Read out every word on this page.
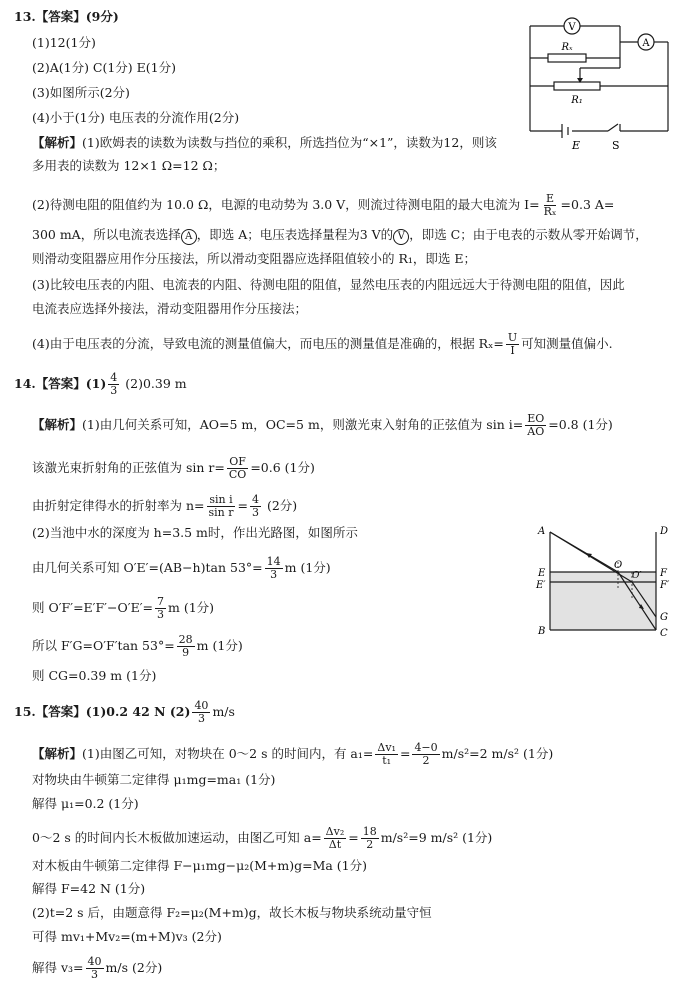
13.【答案】(9分)
(1)12(1分)
(2)A(1分) C(1分) E(1分)
(3)如图所示(2分)
(4)小于(1分) 电压表的分流作用(2分)
【解析】(1)欧姆表的读数为读数与挡位的乘积，所选挡位为“×1”，读数为12，则该
多用表的读数为 12×1 Ω=12 Ω；
(2)待测电阻的阻值约为 10.0 Ω，电源的电动势为 3.0 V，则流过待测电阻的最大电流为 $I= \frac{E}{\text{Rₓ}} =0.3$ A=
300 mA，所以电流表选择 A ，即选 A；电压表选择量程为3 V的 V ，即选 C；由于电表的示数从零开始调节，
则滑动变阻器应用作分压接法，所以滑动变阻器应选择阻值较小的 R₁，即选 E；
(3)比较电压表的内阻、电流表的内阻、待测电阻的阻值，显然电压表的内阻远远大于待测电阻的阻值，因此
电流表应选择外接法，滑动变阻器用作分压接法；
(4)由于电压表的分流，导致电流的测量值偏大，而电压的测量值是准确的，根据 $R_x= \frac{U}{I}$ 可知测量值偏小.
V
A
Rₓ
R₁
E	S
14.【答案】$(1) \frac{4}{3} (2)0.39$ m
【解析】(1)由几何关系可知，AO=5 m，OC=5 m，则激光束入射角的正弦值为 $\sin i= \frac{EO}{AO} =0.8$ (1分)
该激光束折射角的正弦值为 $\sin r= \frac{OF}{CO} =0.6$ (1分)
由折射定律得水的折射率为 $n= \frac{\text{sin i}}{\text{sin r}} = \frac{4}{3} (2$分)
(2)当池中水的深度为 h=3.5 m时，作出光路图，如图所示
由几何关系可知 O′E′=(AB−h)tan $53^\circ= \frac{14}{3}$ m (1分)
则 $O'F'=E'F'-O'E'= \frac{7}{3}$ m (1分)
所以 F′G=O′F′tan $53^\circ= \frac{28}{9}$ m (1分)
则 CG=0.39 m (1分)
A	D
E
E′
O
O′ F
F′
G
B	C
15.【答案】(1)0.2 42 N $(2) \frac{40}{3} m/s$
【解析】(1)由图乙可知，对物块在 0～2 s 的时间内，有 $a_1= \frac{\text{Δv₁}}{\text{t₁}} = \frac{4-0}{2} m/s^2=2$ m/s² (1分)
对物块由牛顿第二定律得 μ₁mg=ma₁ (1分)
解得 μ₁=0.2 (1分)
0～2 s 的时间内长木板做加速运动，由图乙可知 $a= \frac{\text{Δv₂}}{\Delta t} = \frac{18}{2} m/s^2=9$ m/s² (1分)
对木板由牛顿第二定律得 F−μ₁mg−μ₂(M+m)g=Ma (1分)
解得 F=42 N (1分)
(2)t=2 s 后，由题意得 F₂=μ₂(M+m)g，故长木板与物块系统动量守恒
可得 mv₁+Mv₂=(m+M)v₃ (2分)
解得 $v_3= \frac{40}{3} m/s$ (2分)
